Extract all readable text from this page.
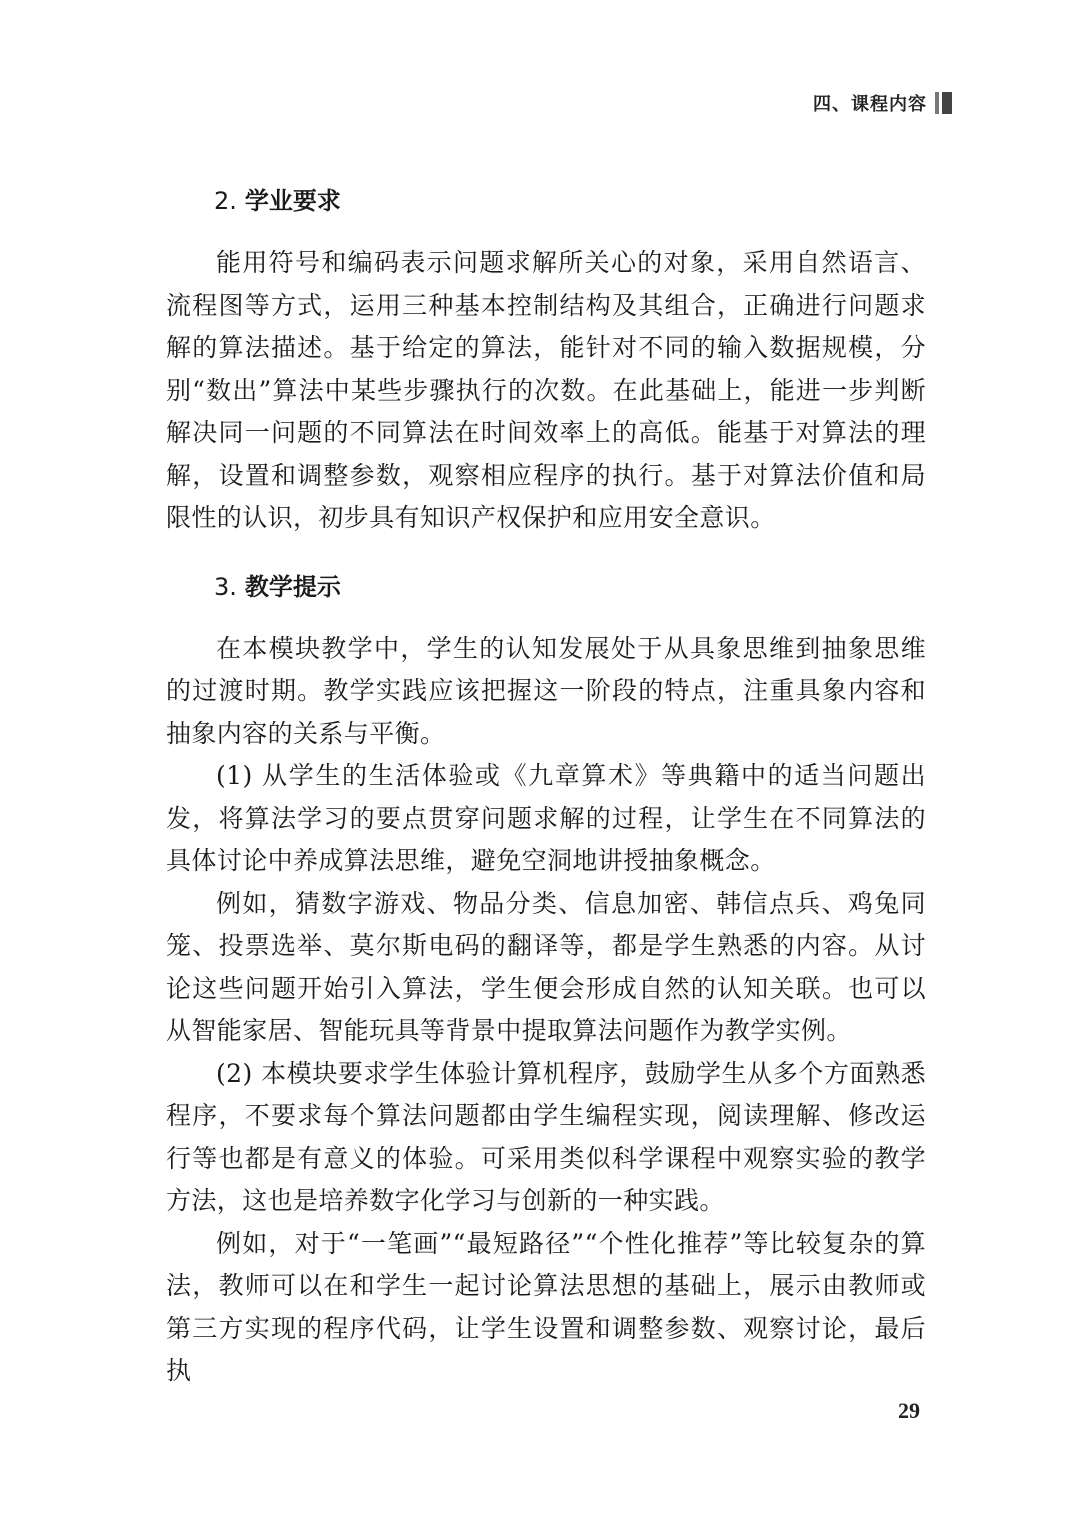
四、课程内容
2. 学业要求

能用符号和编码表示问题求解所关心的对象，采用自然语言、流程图等方式，运用三种基本控制结构及其组合，正确进行问题求解的算法描述。基于给定的算法，能针对不同的输入数据规模，分别“数出”算法中某些步骤执行的次数。在此基础上，能进一步判断解决同一问题的不同算法在时间效率上的高低。能基于对算法的理解，设置和调整参数，观察相应程序的执行。基于对算法价值和局限性的认识，初步具有知识产权保护和应用安全意识。

3. 教学提示

在本模块教学中，学生的认知发展处于从具象思维到抽象思维的过渡时期。教学实践应该把握这一阶段的特点，注重具象内容和抽象内容的关系与平衡。

(1) 从学生的生活体验或《九章算术》等典籍中的适当问题出发，将算法学习的要点贯穿问题求解的过程，让学生在不同算法的具体讨论中养成算法思维，避免空洞地讲授抽象概念。

例如，猜数字游戏、物品分类、信息加密、韩信点兵、鸡兔同笼、投票选举、莫尔斯电码的翻译等，都是学生熟悉的内容。从讨论这些问题开始引入算法，学生便会形成自然的认知关联。也可以从智能家居、智能玩具等背景中提取算法问题作为教学实例。

(2) 本模块要求学生体验计算机程序，鼓励学生从多个方面熟悉程序，不要求每个算法问题都由学生编程实现，阅读理解、修改运行等也都是有意义的体验。可采用类似科学课程中观察实验的教学方法，这也是培养数字化学习与创新的一种实践。

例如，对于“一笔画”“最短路径”“个性化推荐”等比较复杂的算法，教师可以在和学生一起讨论算法思想的基础上，展示由教师或第三方实现的程序代码，让学生设置和调整参数、观察讨论，最后执

29
